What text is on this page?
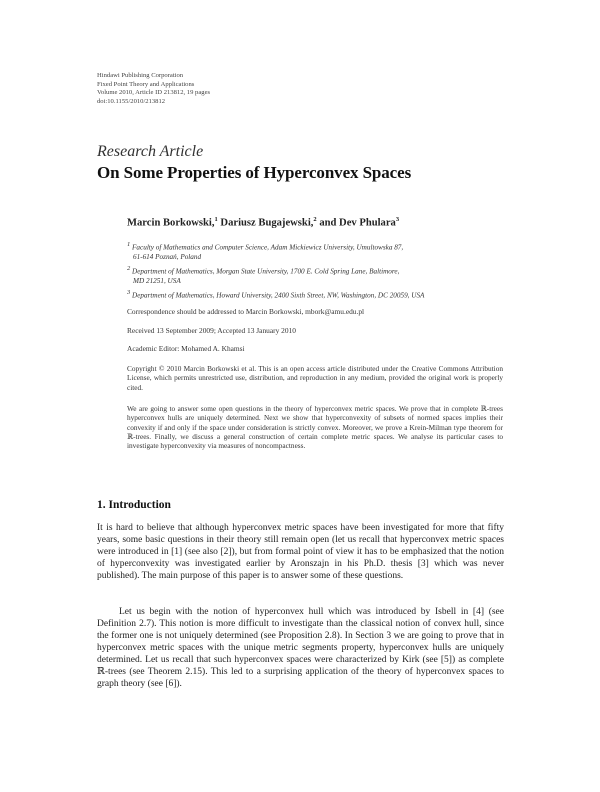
Hindawi Publishing Corporation
Fixed Point Theory and Applications
Volume 2010, Article ID 213812, 19 pages
doi:10.1155/2010/213812
Research Article
On Some Properties of Hyperconvex Spaces
Marcin Borkowski,$^1$ Dariusz Bugajewski,$^2$ and Dev Phulara$^3$
$^1$ Faculty of Mathematics and Computer Science, Adam Mickiewicz University, Umultowska 87,
61-614 Poznań, Poland
$^2$ Department of Mathematics, Morgan State University, 1700 E. Cold Spring Lane, Baltimore,
MD 21251, USA
$^3$ Department of Mathematics, Howard University, 2400 Sixth Street, NW, Washington, DC 20059, USA
Correspondence should be addressed to Marcin Borkowski, mbork@amu.edu.pl
Received 13 September 2009; Accepted 13 January 2010
Academic Editor: Mohamed A. Khamsi
Copyright © 2010 Marcin Borkowski et al. This is an open access article distributed under the Creative Commons Attribution License, which permits unrestricted use, distribution, and reproduction in any medium, provided the original work is properly cited.
We are going to answer some open questions in the theory of hyperconvex metric spaces. We prove that in complete ℝ-trees hyperconvex hulls are uniquely determined. Next we show that hyperconvexity of subsets of normed spaces implies their convexity if and only if the space under consideration is strictly convex. Moreover, we prove a Krein-Milman type theorem for ℝ-trees. Finally, we discuss a general construction of certain complete metric spaces. We analyse its particular cases to investigate hyperconvexity via measures of noncompactness.
1. Introduction
It is hard to believe that although hyperconvex metric spaces have been investigated for more that fifty years, some basic questions in their theory still remain open (let us recall that hyperconvex metric spaces were introduced in [1] (see also [2]), but from formal point of view it has to be emphasized that the notion of hyperconvexity was investigated earlier by Aronszajn in his Ph.D. thesis [3] which was never published). The main purpose of this paper is to answer some of these questions.
Let us begin with the notion of hyperconvex hull which was introduced by Isbell in [4] (see Definition 2.7). This notion is more difficult to investigate than the classical notion of convex hull, since the former one is not uniquely determined (see Proposition 2.8). In Section 3 we are going to prove that in hyperconvex metric spaces with the unique metric segments property, hyperconvex hulls are uniquely determined. Let us recall that such hyperconvex spaces were characterized by Kirk (see [5]) as complete ℝ-trees (see Theorem 2.15). This led to a surprising application of the theory of hyperconvex spaces to graph theory (see [6]).
